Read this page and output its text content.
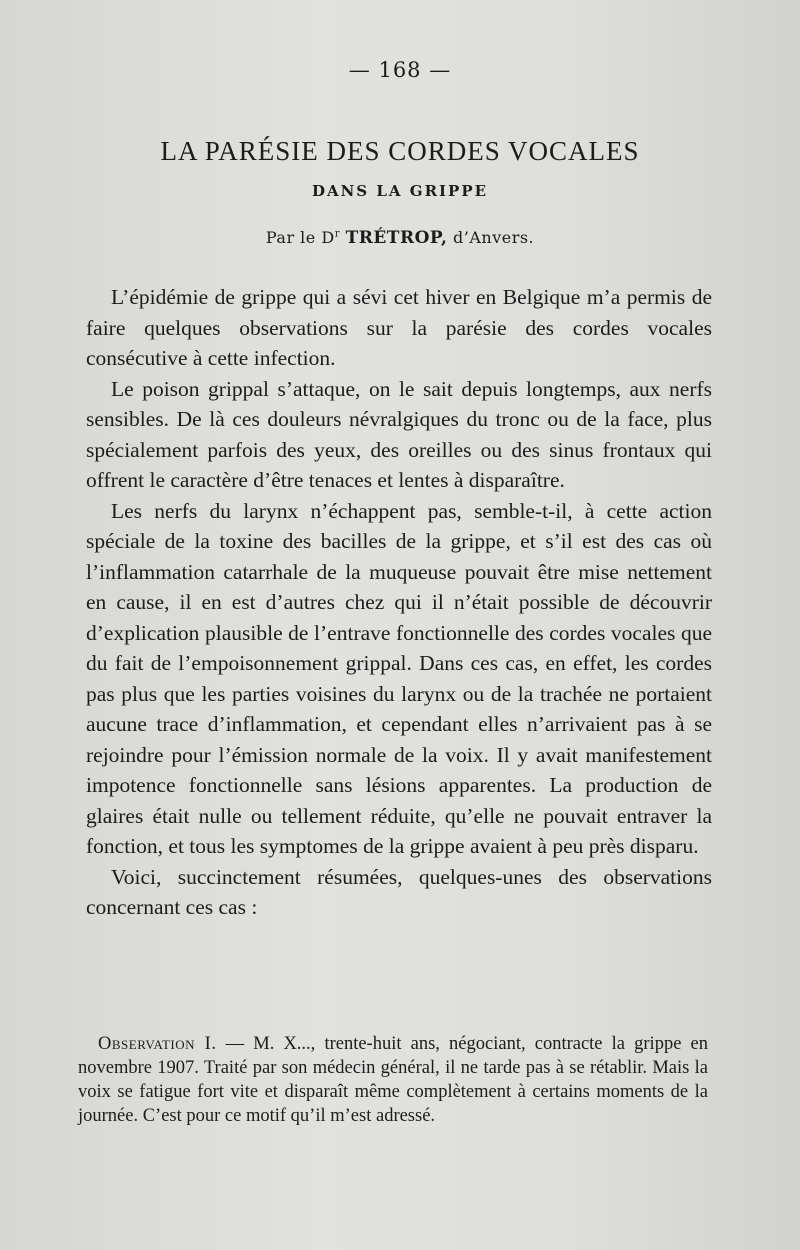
— 168 —
LA PARÉSIE DES CORDES VOCALES
DANS LA GRIPPE
Par le $D^r$ TRÉTROP, d’Anvers.

L’épidémie de grippe qui a sévi cet hiver en Belgique m’a permis de faire quelques observations sur la parésie des cordes vocales consécutive à cette infection.

Le poison grippal s’attaque, on le sait depuis longtemps, aux nerfs sensibles. De là ces douleurs névralgiques du tronc ou de la face, plus spécialement parfois des yeux, des oreilles ou des sinus frontaux qui offrent le caractère d’être tenaces et lentes à disparaître.

Les nerfs du larynx n’échappent pas, semble-t-il, à cette action spéciale de la toxine des bacilles de la grippe, et s’il est des cas où l’inflammation catarrhale de la muqueuse pouvait être mise nettement en cause, il en est d’autres chez qui il n’était possible de découvrir d’explication plausible de l’entrave fonctionnelle des cordes vocales que du fait de l’empoisonnement grippal. Dans ces cas, en effet, les cordes pas plus que les parties voisines du larynx ou de la trachée ne portaient aucune trace d’inflammation, et cependant elles n’arrivaient pas à se rejoindre pour l’émission normale de la voix. Il y avait manifestement impotence fonctionnelle sans lésions apparentes. La production de glaires était nulle ou tellement réduite, qu’elle ne pouvait entraver la fonction, et tous les symptomes de la grippe avaient à peu près disparu.

Voici, succinctement résumées, quelques-unes des observations concernant ces cas :

Observation I. — M. X..., trente-huit ans, négociant, contracte la grippe en novembre 1907. Traité par son médecin général, il ne tarde pas à se rétablir. Mais la voix se fatigue fort vite et disparaît même complètement à certains moments de la journée. C’est pour ce motif qu’il m’est adressé.
